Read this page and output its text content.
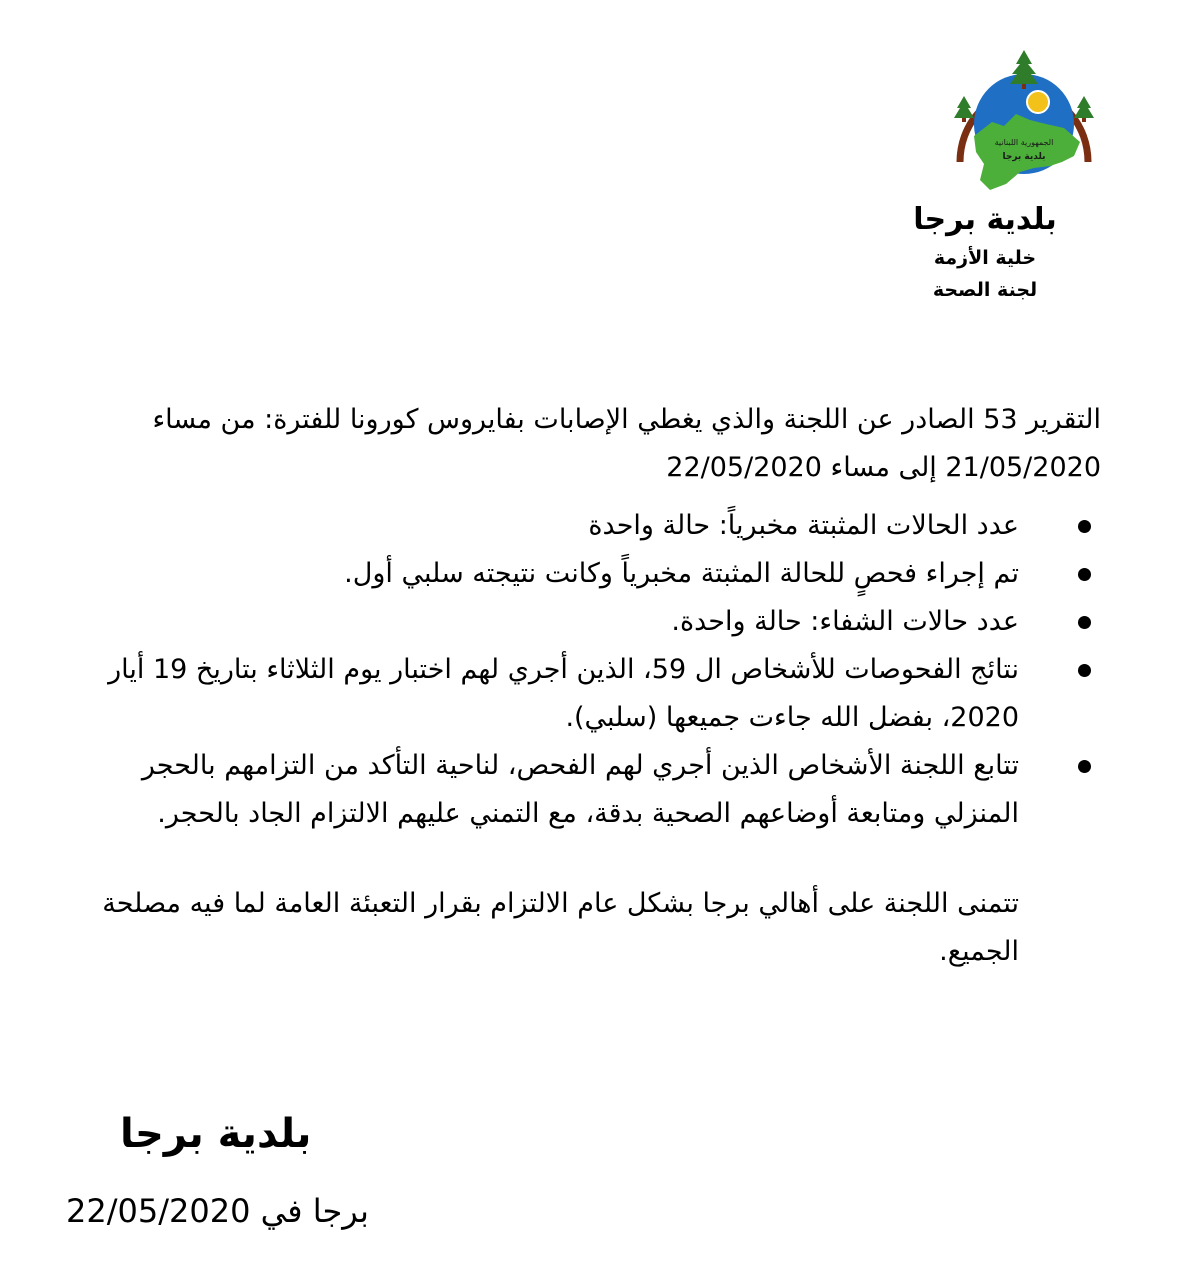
الجمهورية اللبنانية
بلدية برجا
بلدية برجا
خلية الأزمة
لجنة الصحة

التقرير 53 الصادر عن اللجنة والذي يغطي الإصابات بفايروس كورونا للفترة: من مساء 21/05/2020 إلى مساء 22/05/2020

عدد الحالات المثبتة مخبرياً: حالة واحدة
تم إجراء فحصٍ للحالة المثبتة مخبرياً وكانت نتيجته سلبي أول.
عدد حالات الشفاء: حالة واحدة.
نتائج الفحوصات للأشخاص ال 59، الذين أجري لهم اختبار يوم الثلاثاء بتاريخ 19 أيار 2020، بفضل الله جاءت جميعها (سلبي).
تتابع اللجنة الأشخاص الذين أجري لهم الفحص، لناحية التأكد من التزامهم بالحجر المنزلي ومتابعة أوضاعهم الصحية بدقة، مع التمني عليهم الالتزام الجاد بالحجر.

تتمنى اللجنة على أهالي برجا بشكل عام الالتزام بقرار التعبئة العامة لما فيه مصلحة الجميع.

بلدية برجا
برجا في 22/05/2020
